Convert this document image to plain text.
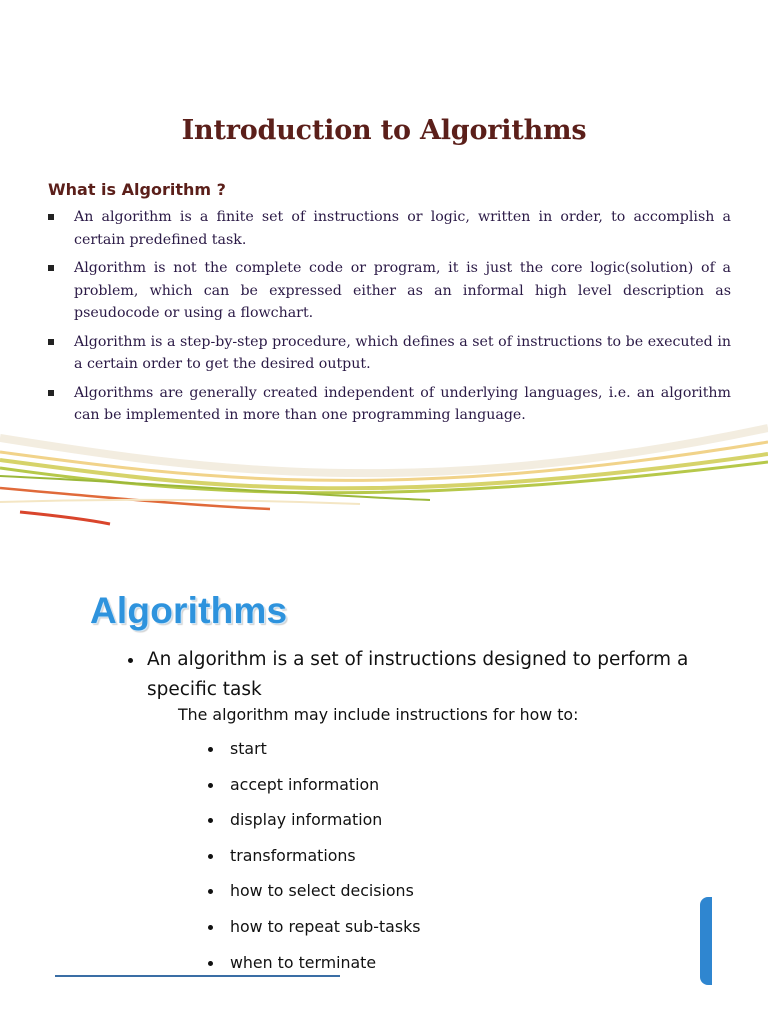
Introduction to Algorithms
What is Algorithm ?
An algorithm is a finite set of instructions or logic, written in order, to accomplish a certain predefined task.
Algorithm is not the complete code or program, it is just the core logic(solution) of a problem, which can be expressed either as an informal high level description as pseudocode or using a flowchart.
Algorithm is a step-by-step procedure, which defines a set of instructions to be executed in a certain order to get the desired output.
Algorithms are generally created independent of underlying languages, i.e. an algorithm can be implemented in more than one programming language.
Algorithms
An algorithm is a set of instructions designed to perform a specific task

The algorithm may include instructions for how to:

start
accept information
display information
transformations
how to select decisions
how to repeat sub-tasks
when to terminate
